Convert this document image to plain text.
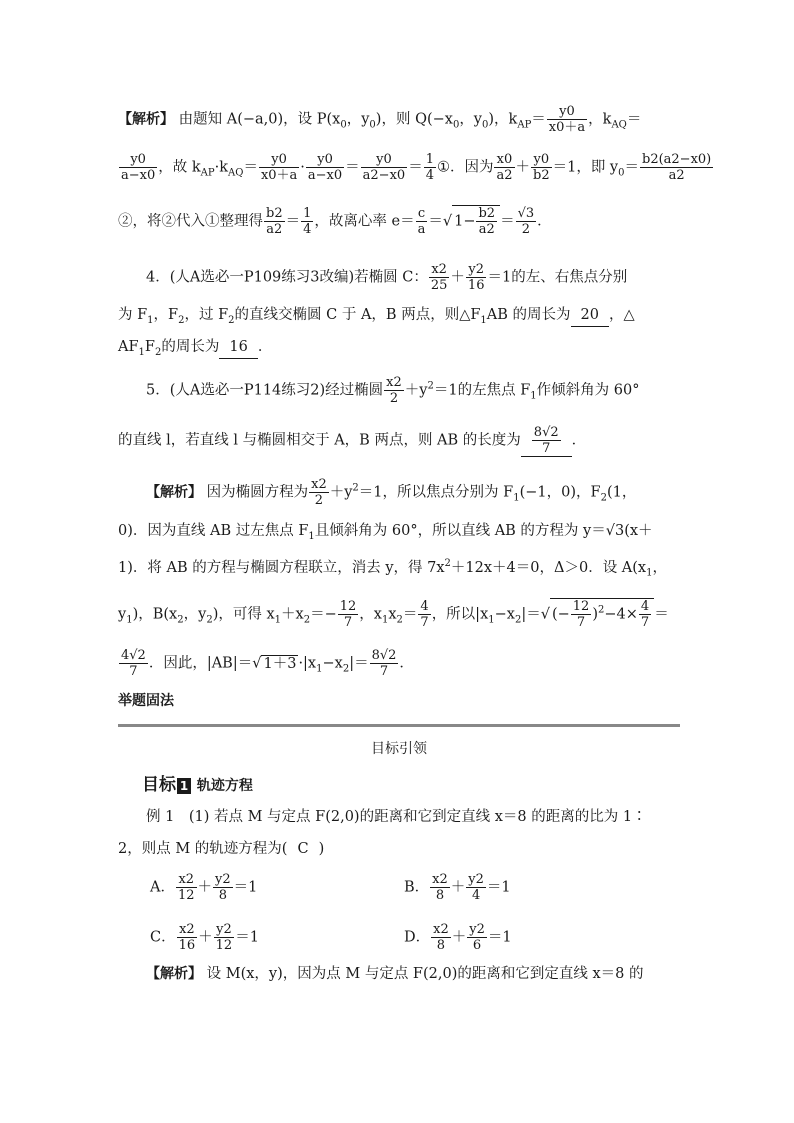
【解析】 由题知 A(−a,0)，设 $P(x_0$，$y_0$)，则 $Q(-x_0$，$y_0$)，$k_{AP}= \frac{y0}{x0+a}$ ，$k_{AQ}=$
$\frac{y0}{a-x0}$ ，故 $k_{AP}\cdot k_{AQ}= \frac{y0}{x0+a} \cdot \frac{y0}{a-x0} = \frac{y0}{a2-x0} = \frac{1}{4}$ ①．因为 $\frac{x0}{a2} + \frac{y0}{b2} =1$，即 $y_0= \frac{b2(a2-x0)}{a2}$
②，将②代入①整理得 $\frac{b2}{a2} = \frac{1}{4}$ ，故离心率 $e= \frac{c}{a}$ ＝√ $1- \frac{b2}{a2} = \frac{√3}{2}$ ．
4．(人A选必一P109练习3改编)若椭圆 C： $\frac{x2}{25} + \frac{y2}{16} =1$的左、右焦点分别
为 $F_1$，$F_2$，过 $F_2$的直线交椭圆 C 于 A，B 两点，则$\triangle F_1AB$ 的周长为 20 ，△
$AF_1F_2$的周长为 16 ．
5．(人A选必一P114练习2)经过椭圆 $\frac{x2}{2} +y^2=1$的左焦点 $F_1$作倾斜角为 60°
的直线 l，若直线 l 与椭圆相交于 A，B 两点，则 AB 的长度为 $\frac{8√2}{7}$ ．
【解析】 因为椭圆方程为 $\frac{x2}{2} +y^2=1$，所以焦点分别为 $F_1(-1$，0)，$F_2(1$，
0)．因为直线 AB 过左焦点 $F_1$且倾斜角为 60°，所以直线 AB 的方程为 y＝√3(x＋
1)．将 AB 的方程与椭圆方程联立，消去 y，得 $7x^2+12x+4=0$，Δ＞0．设 $A(x_1$，
$y_1$)，$B(x_2$，$y_2$)，可得 $x_1+x_2=- \frac{12}{7}$ ，$x_1x_2= \frac{4}{7}$ ，所以$|x_1-x_2|=√$ (− $\frac{12}{7} )^2-4\times \frac{4}{7}$ ＝
$\frac{4√2}{7}$ ．因此，|AB|＝√ $1+3 \cdot|x_1-x_2|= \frac{8√2}{7}$ ．
举题固法
目标引领
目标 1 轨迹方程
例 1　(1) 若点 M 与定点 F(2,0)的距离和它到定直线 x＝8 的距离的比为 1∶
2，则点 M 的轨迹方程为( C )
A． $\frac{x2}{12} + \frac{y2}{8} =1$	B． $\frac{x2}{8} + \frac{y2}{4} =1$
C． $\frac{x2}{16} + \frac{y2}{12} =1$	D． $\frac{x2}{8} + \frac{y2}{6} =1$
【解析】 设 M(x，y)，因为点 M 与定点 F(2,0)的距离和它到定直线 x＝8 的
